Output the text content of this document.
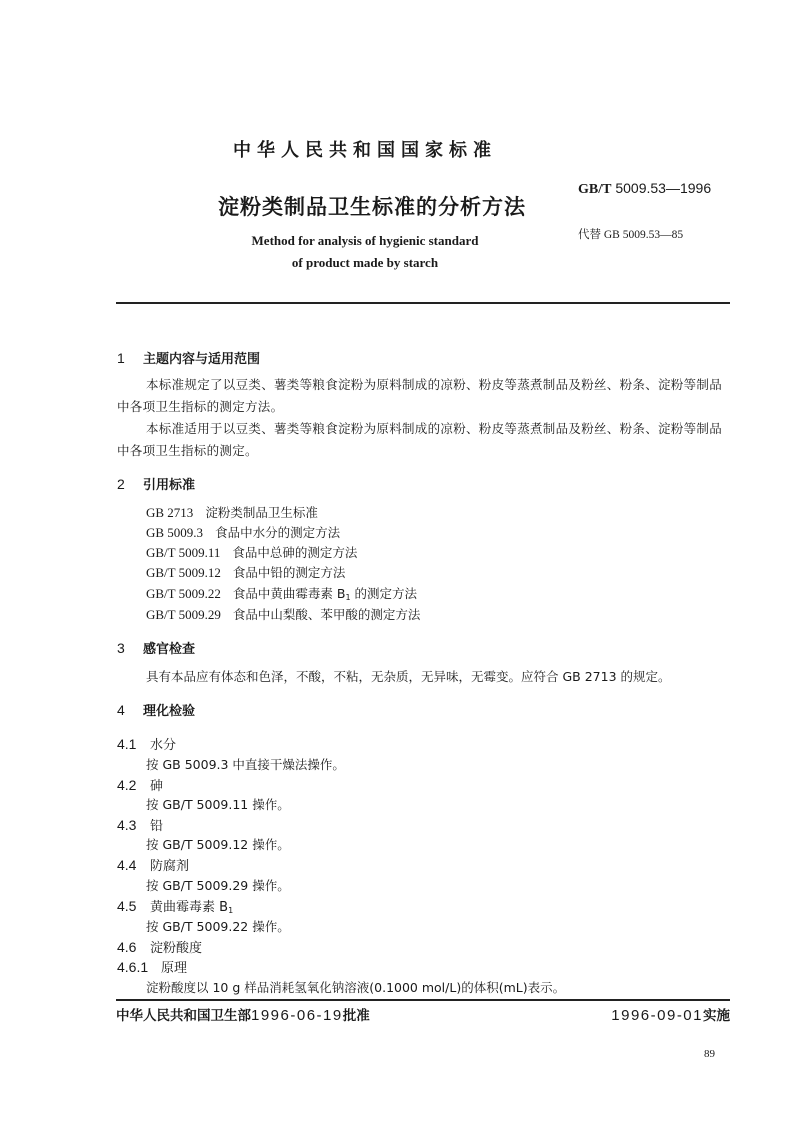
中华人民共和国国家标准
淀粉类制品卫生标准的分析方法
GB/T 5009.53—1996
代替 GB 5009.53—85
Method for analysis of hygienic standard
of product made by starch
1 主题内容与适用范围
本标准规定了以豆类、薯类等粮食淀粉为原料制成的凉粉、粉皮等蒸煮制品及粉丝、粉条、淀粉等制品中各项卫生指标的测定方法。
本标准适用于以豆类、薯类等粮食淀粉为原料制成的凉粉、粉皮等蒸煮制品及粉丝、粉条、淀粉等制品中各项卫生指标的测定。
2 引用标准
GB 2713 淀粉类制品卫生标准
GB 5009.3 食品中水分的测定方法
GB/T 5009.11 食品中总砷的测定方法
GB/T 5009.12 食品中铅的测定方法
GB/T 5009.22 食品中黄曲霉毒素 $B_1$ 的测定方法
GB/T 5009.29 食品中山梨酸、苯甲酸的测定方法
3 感官检查
具有本品应有体态和色泽，不酸，不粘，无杂质，无异味，无霉变。应符合 GB 2713 的规定。
4 理化检验
4.1 水分
按 GB 5009.3 中直接干燥法操作。
4.2 砷
按 GB/T 5009.11 操作。
4.3 铅
按 GB/T 5009.12 操作。
4.4 防腐剂
按 GB/T 5009.29 操作。
4.5 黄曲霉毒素 $B_1$
按 GB/T 5009.22 操作。
4.6 淀粉酸度
4.6.1 原理
淀粉酸度以 10 g 样品消耗氢氧化钠溶液(0.1000 mol/L)的体积(mL)表示。
中华人民共和国卫生部1996-06-19批准	1996-09-01实施
89
